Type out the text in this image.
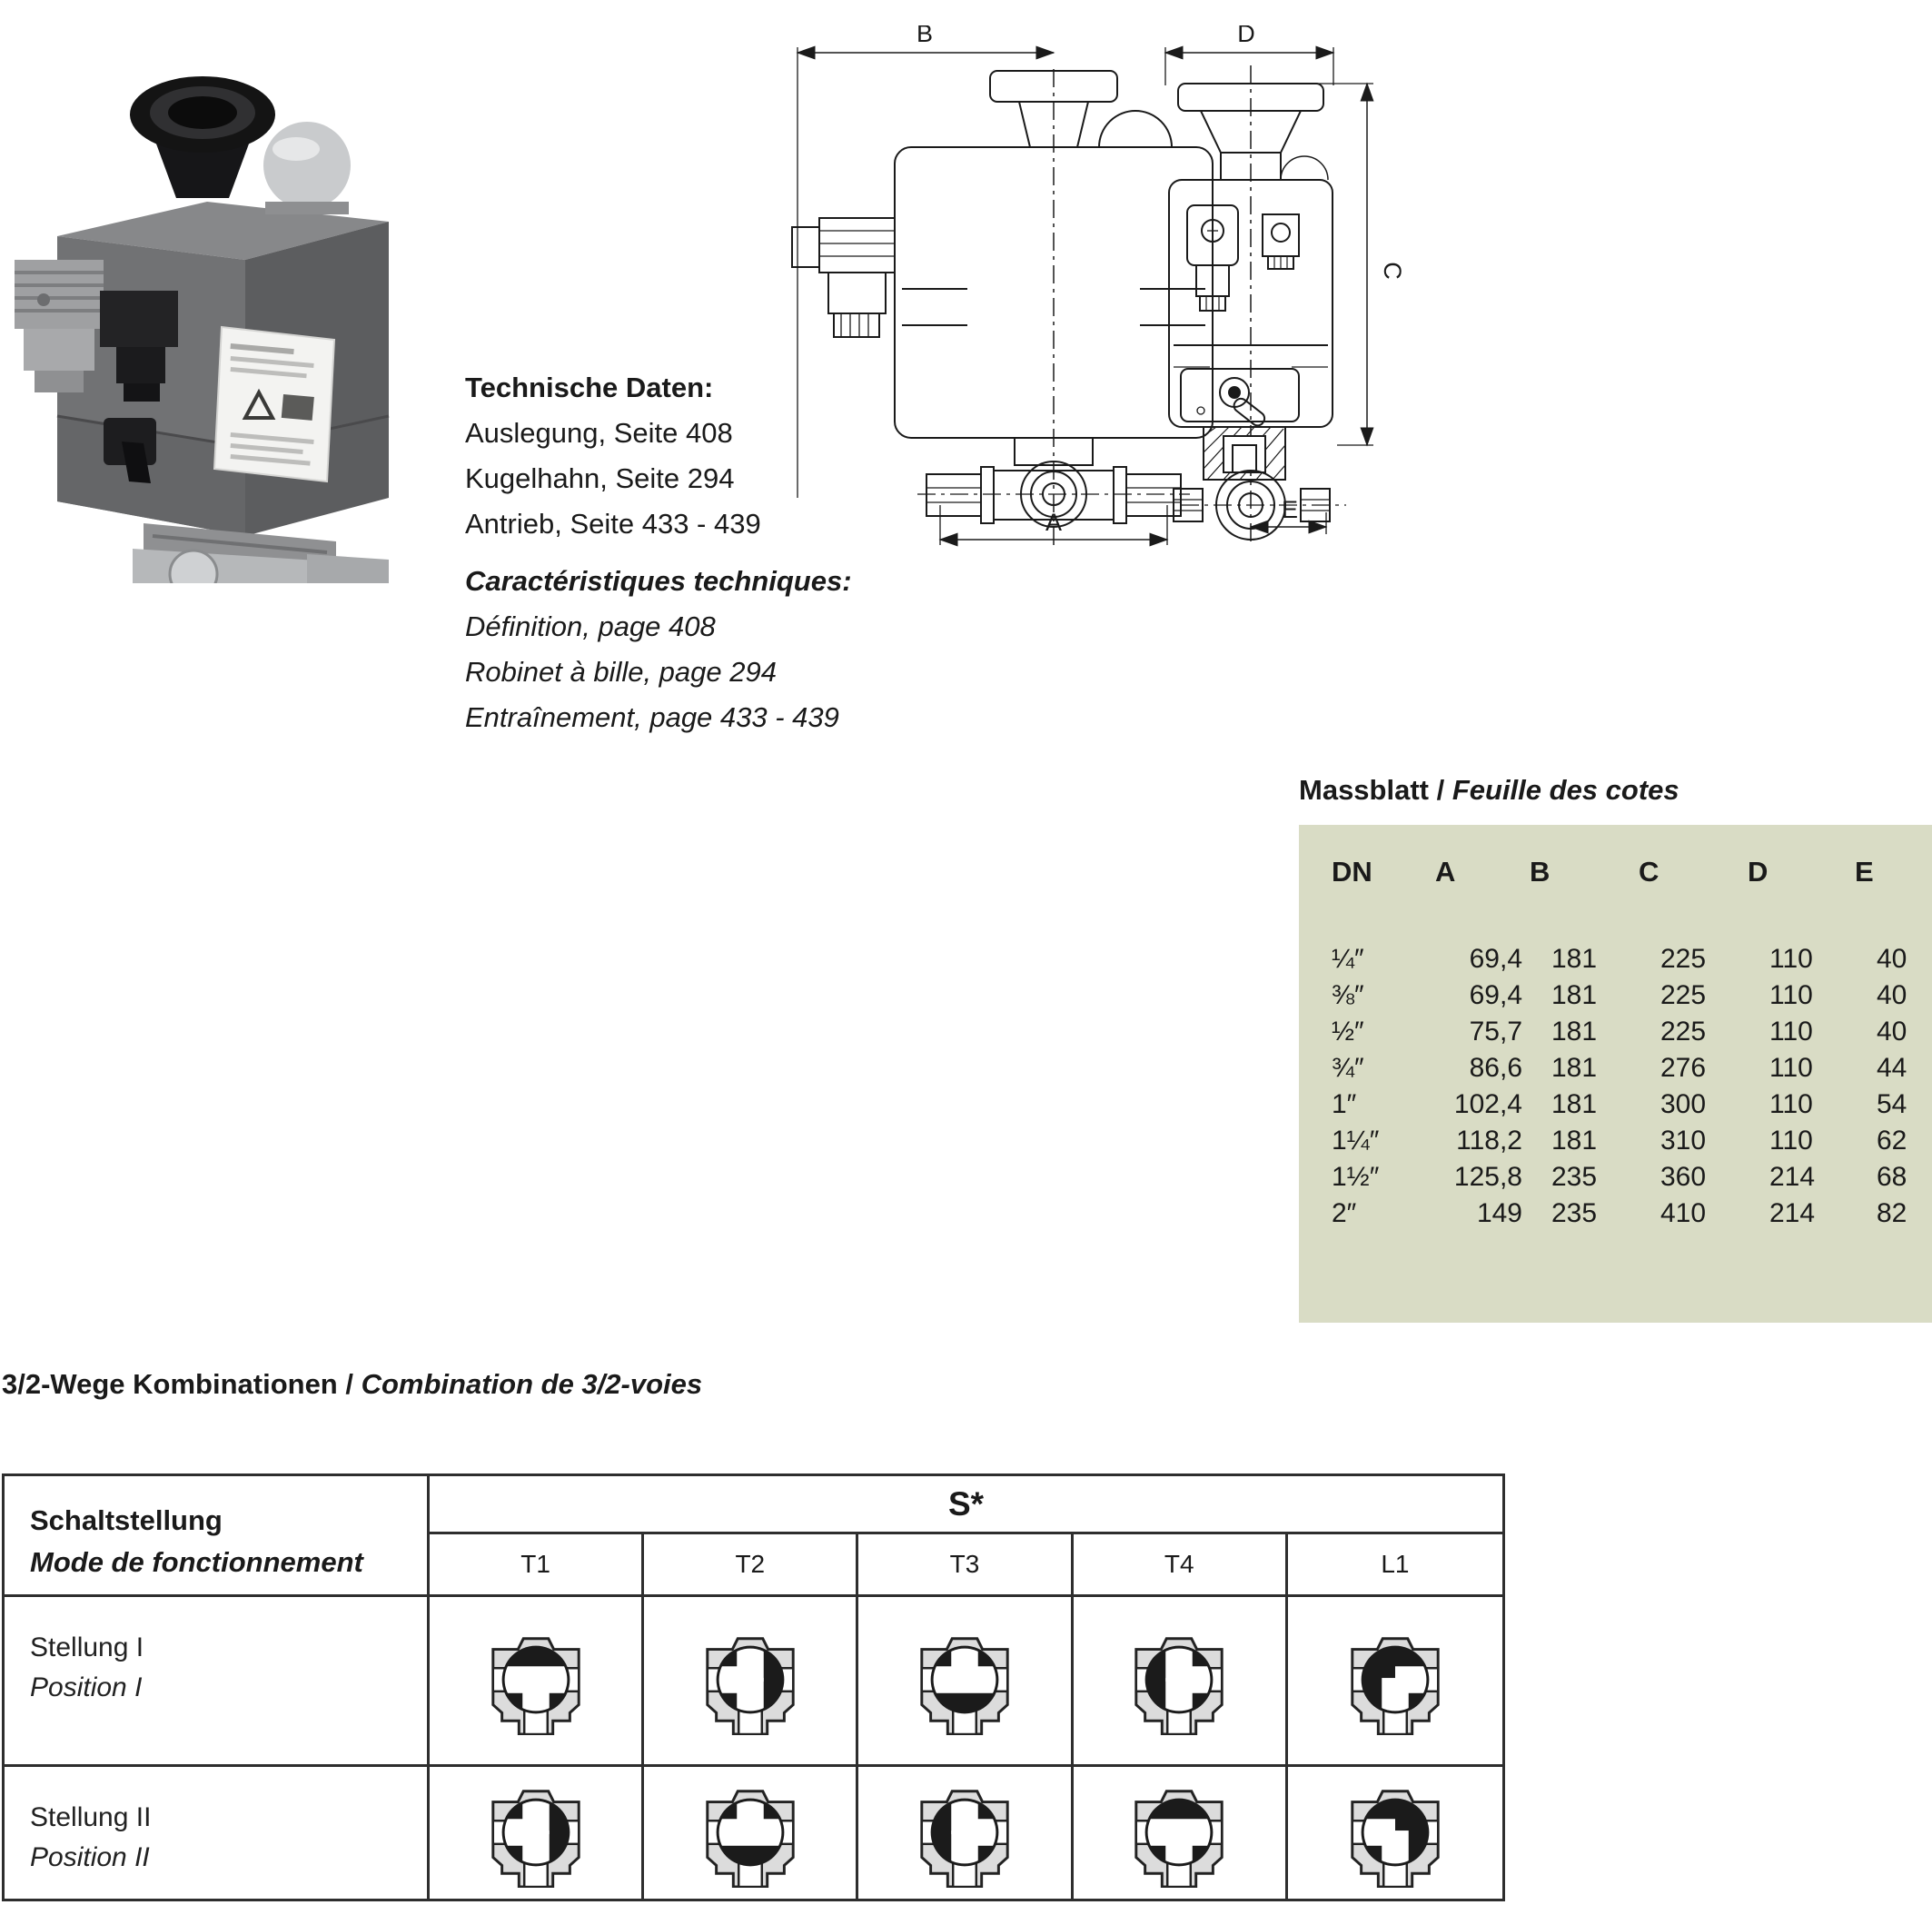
Technische Daten:
Auslegung, Seite 408
Kugelhahn, Seite 294
Antrieb, Seite 433 - 439
Caractéristiques techniques:
Définition, page 408
Robinet à bille, page 294
Entraînement, page 433 - 439
B
A
D
C
E
Massblatt / Feuille des cotes
DN	A	B	C	D	E
¼″	69,4	181	225	110	40
⅜″	69,4	181	225	110	40
½″	75,7	181	225	110	40
¾″	86,6	181	276	110	44
1″	102,4	181	300	110	54
1¼″	118,2	181	310	110	62
1½″	125,8	235	360	214	68
2″	149	235	410	214	82
3/2-Wege Kombinationen / Combination de 3/2-voies
Schaltstellung
Mode de fonctionnement
S*
T1	T2	T3	T4	L1
Stellung I
Position I
Stellung II
Position II
